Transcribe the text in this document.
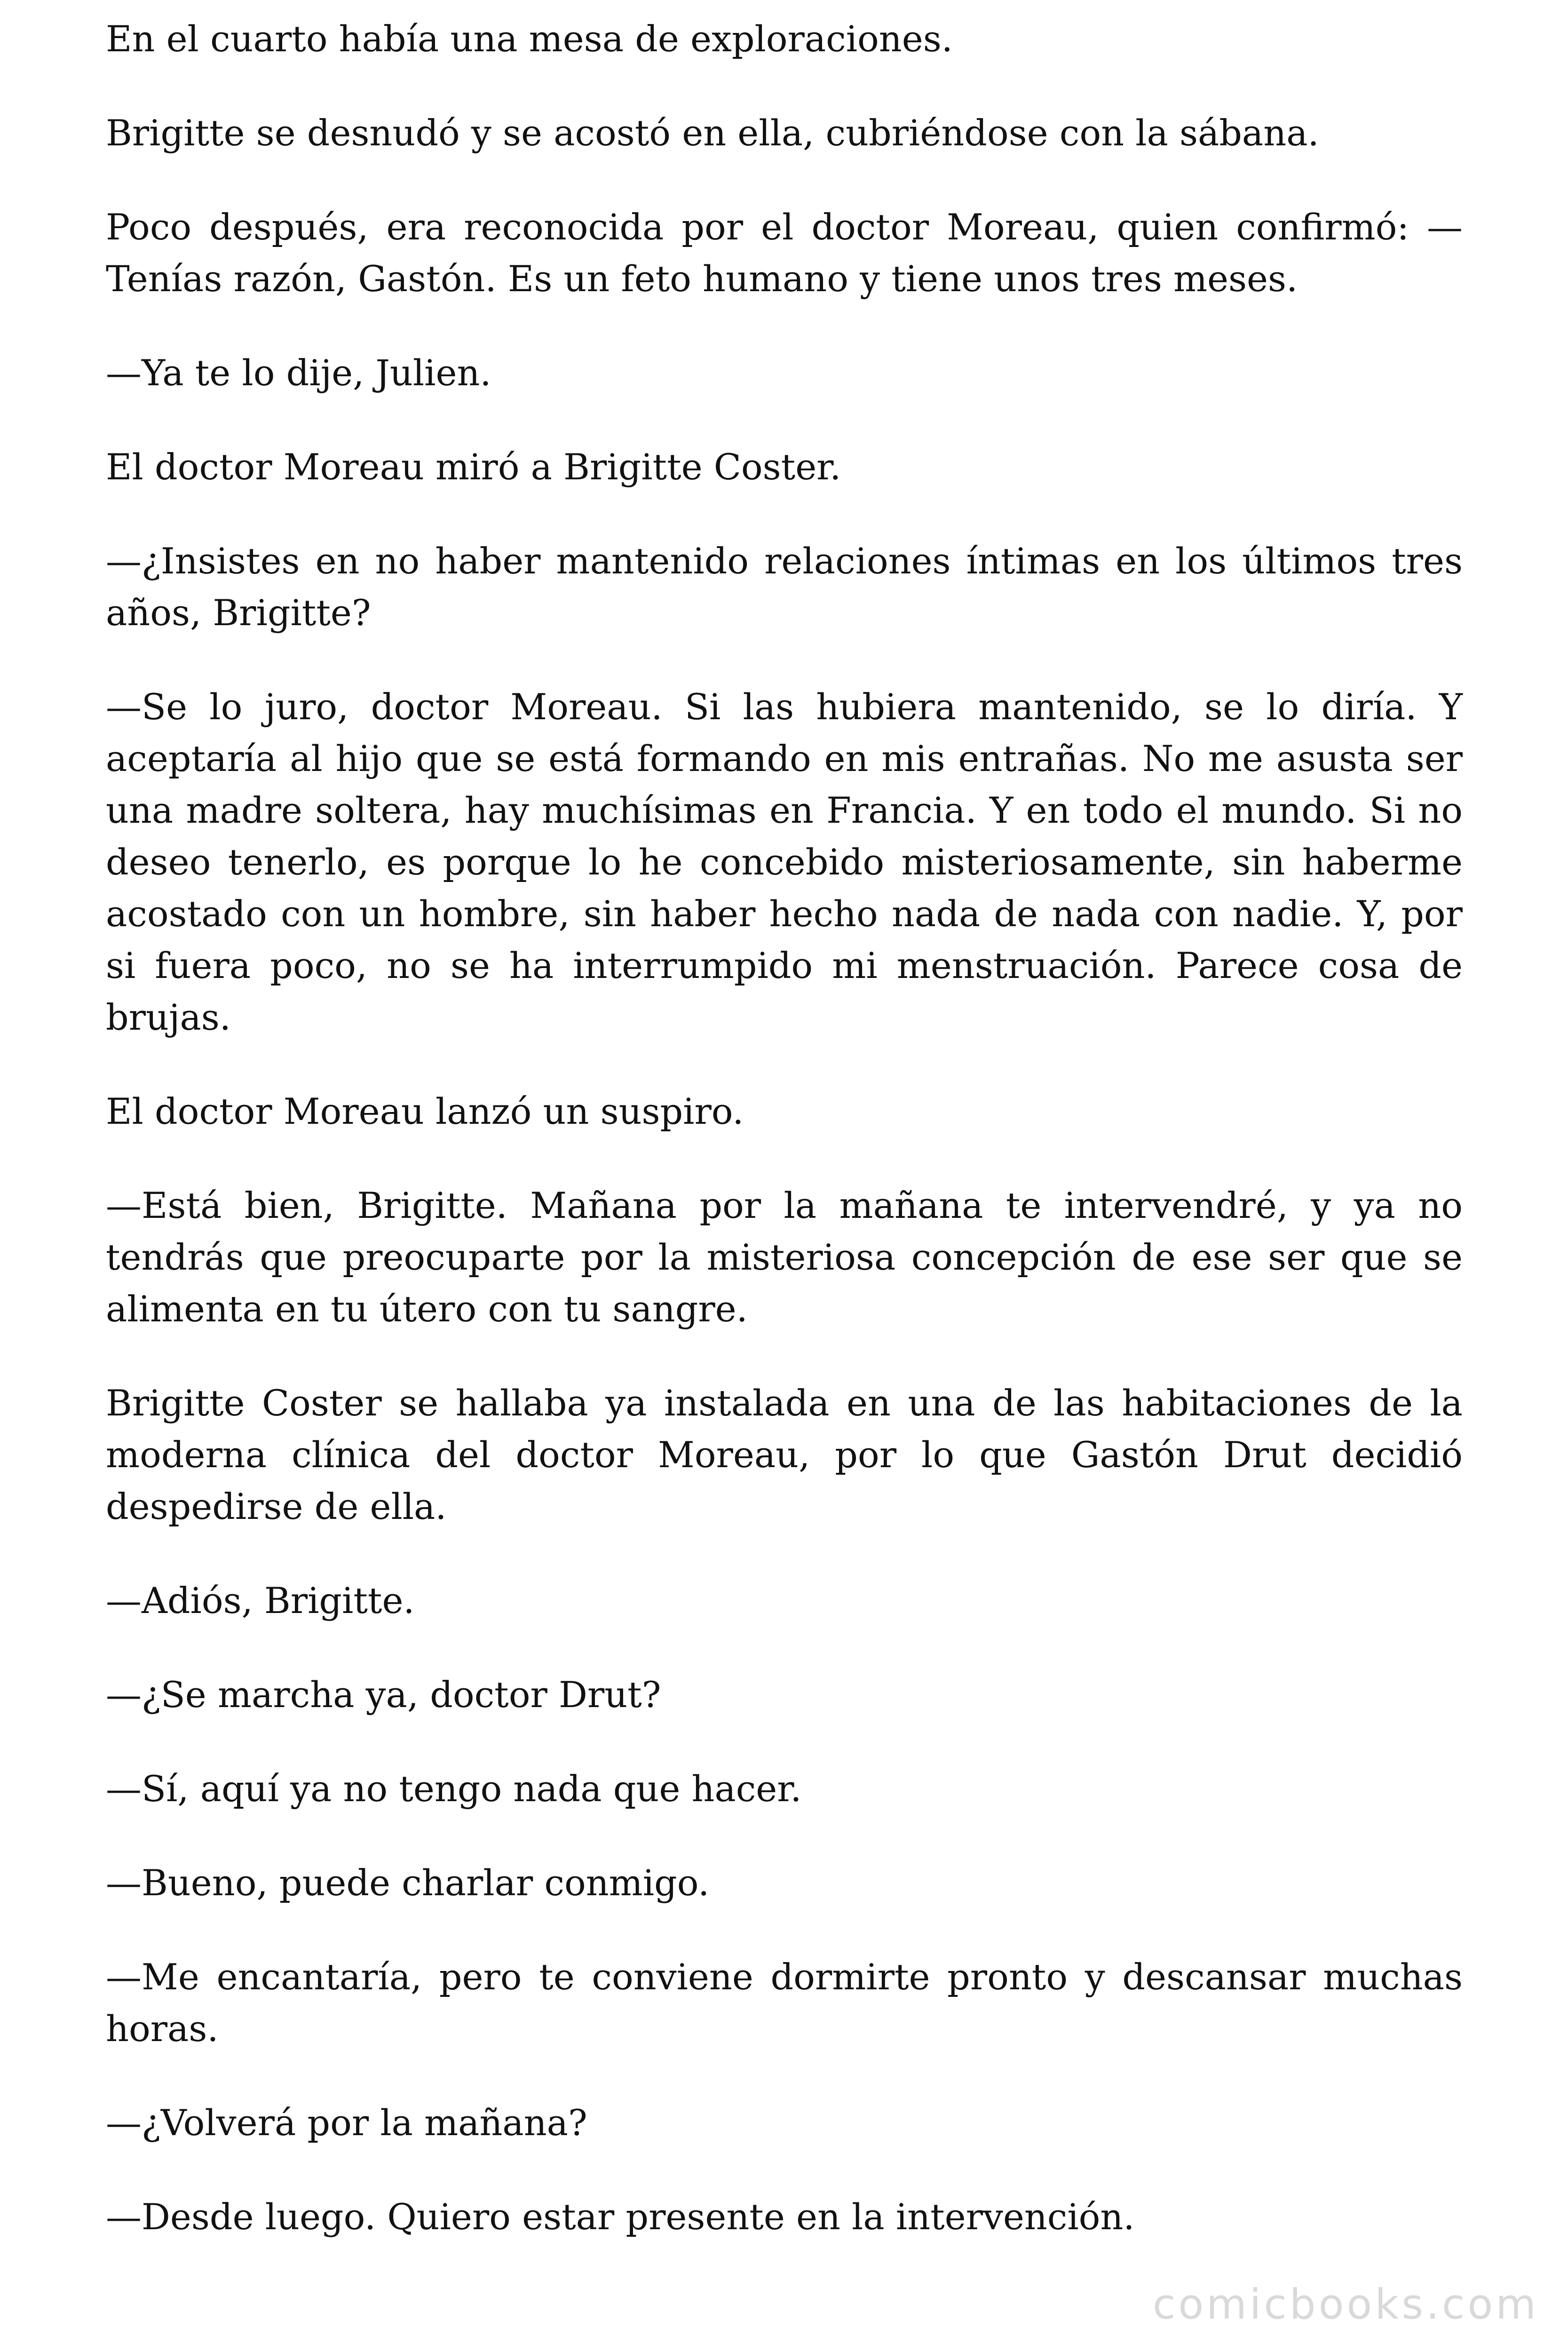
En el cuarto había una mesa de exploraciones.

Brigitte se desnudó y se acostó en ella, cubriéndose con la sábana.

Poco después, era reconocida por el doctor Moreau, quien confirmó: —Tenías razón, Gastón. Es un feto humano y tiene unos tres meses.

—Ya te lo dije, Julien.

El doctor Moreau miró a Brigitte Coster.

—¿Insistes en no haber mantenido relaciones íntimas en los últimos tres años, Brigitte?

—Se lo juro, doctor Moreau. Si las hubiera mantenido, se lo diría. Y aceptaría al hijo que se está formando en mis entrañas. No me asusta ser una madre soltera, hay muchísimas en Francia. Y en todo el mundo. Si no deseo tenerlo, es porque lo he concebido misteriosamente, sin haberme acostado con un hombre, sin haber hecho nada de nada con nadie. Y, por si fuera poco, no se ha interrumpido mi menstruación. Parece cosa de brujas.

El doctor Moreau lanzó un suspiro.

—Está bien, Brigitte. Mañana por la mañana te intervendré, y ya no tendrás que preocuparte por la misteriosa concepción de ese ser que se alimenta en tu útero con tu sangre.

Brigitte Coster se hallaba ya instalada en una de las habitaciones de la moderna clínica del doctor Moreau, por lo que Gastón Drut decidió despedirse de ella.

—Adiós, Brigitte.

—¿Se marcha ya, doctor Drut?

—Sí, aquí ya no tengo nada que hacer.

—Bueno, puede charlar conmigo.

—Me encantaría, pero te conviene dormirte pronto y descansar muchas horas.

—¿Volverá por la mañana?

—Desde luego. Quiero estar presente en la intervención.

comicbooks.com
